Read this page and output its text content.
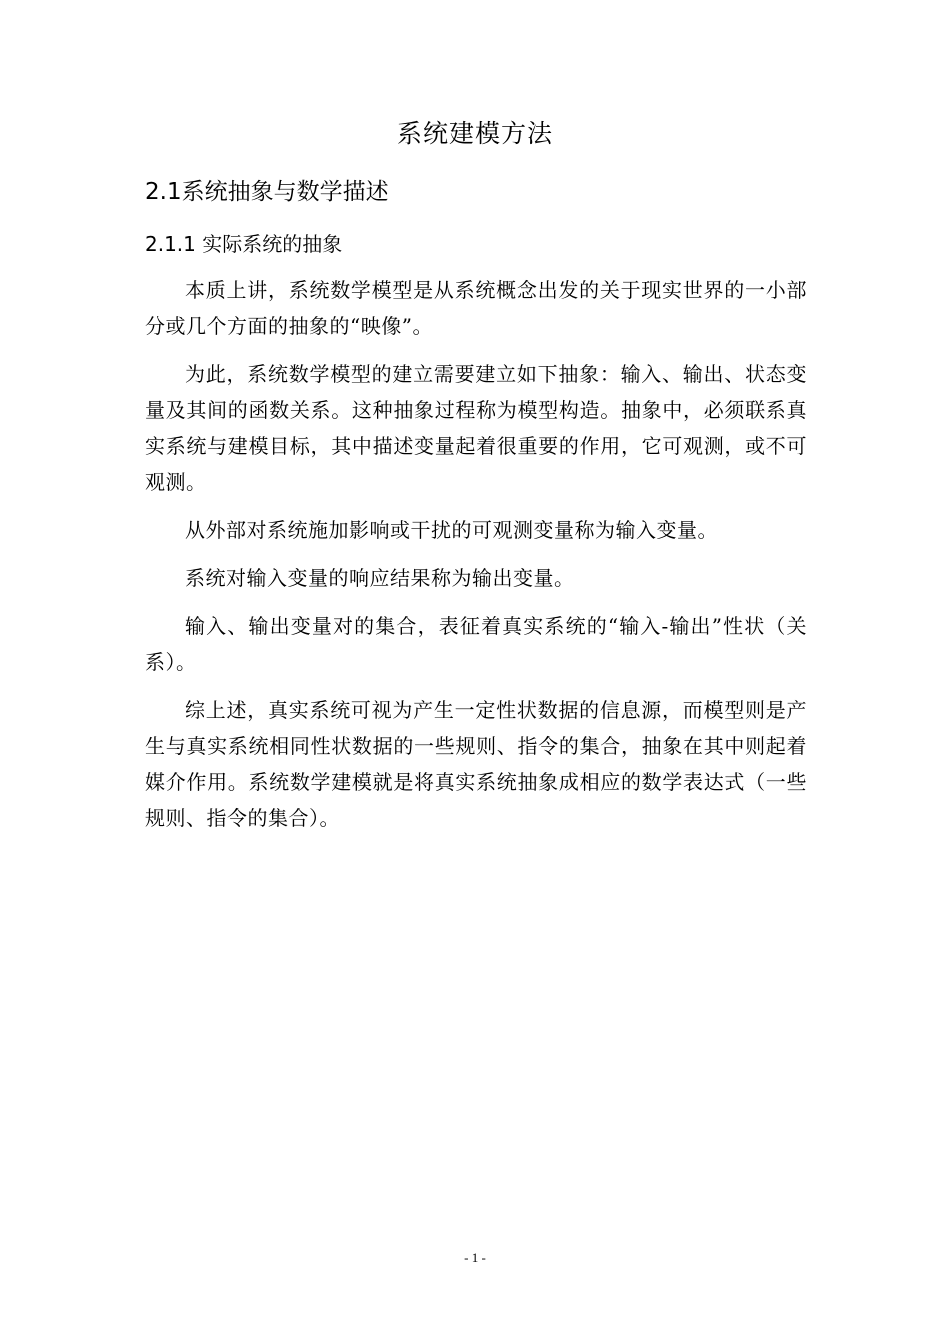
系统建模方法
2.1系统抽象与数学描述
2.1.1 实际系统的抽象

本质上讲，系统数学模型是从系统概念出发的关于现实世界的一小部分或几个方面的抽象的“映像”。

为此，系统数学模型的建立需要建立如下抽象：输入、输出、状态变量及其间的函数关系。这种抽象过程称为模型构造。抽象中，必须联系真实系统与建模目标，其中描述变量起着很重要的作用，它可观测，或不可观测。

从外部对系统施加影响或干扰的可观测变量称为输入变量。

系统对输入变量的响应结果称为输出变量。

输入、输出变量对的集合，表征着真实系统的“输入-输出”性状（关系）。

综上述，真实系统可视为产生一定性状数据的信息源，而模型则是产生与真实系统相同性状数据的一些规则、指令的集合，抽象在其中则起着媒介作用。系统数学建模就是将真实系统抽象成相应的数学表达式（一些规则、指令的集合）。

- 1 -
